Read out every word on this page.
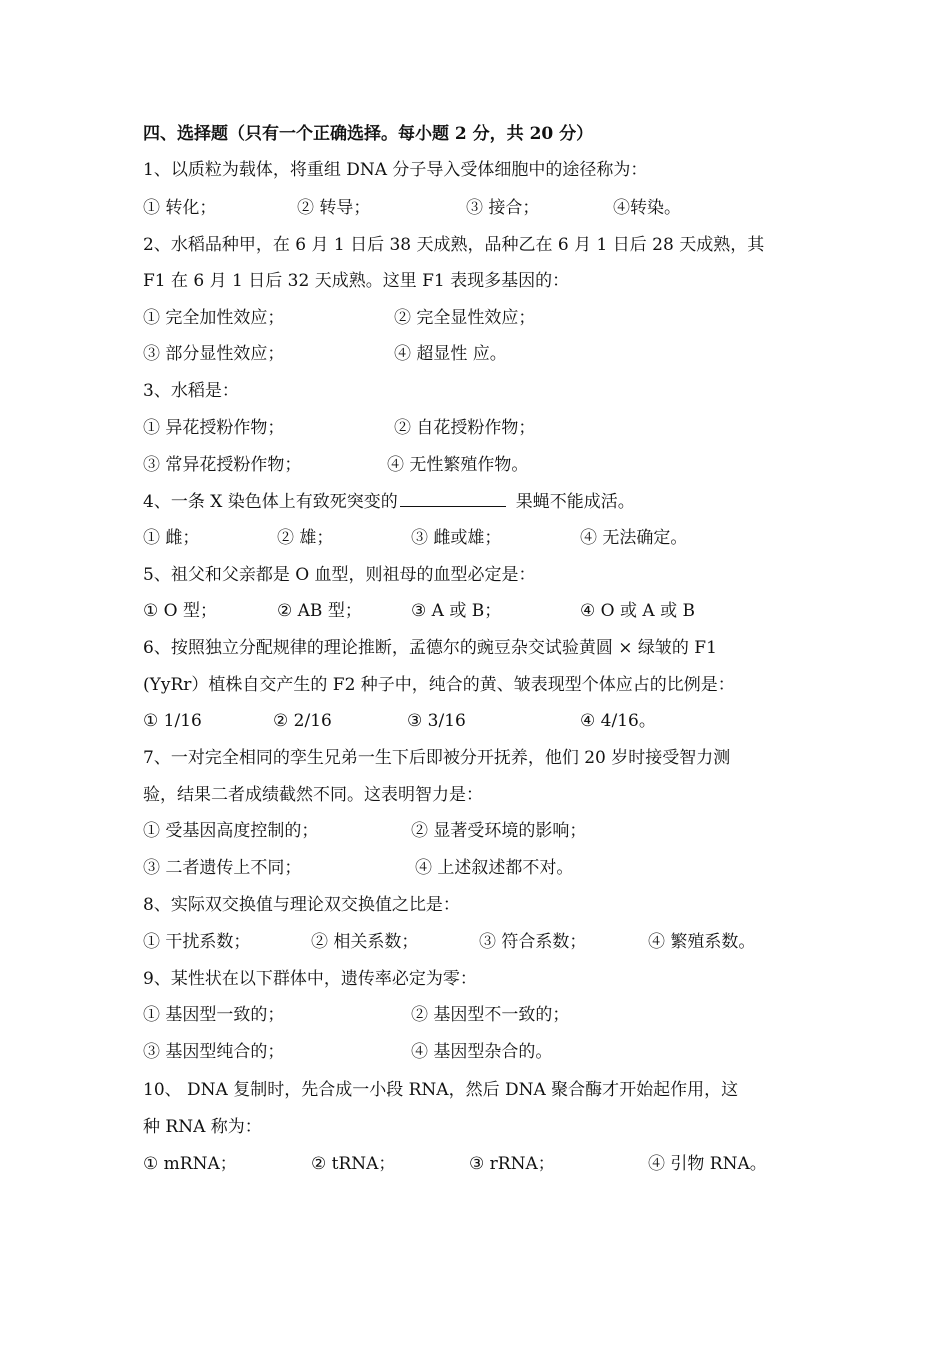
四、选择题（只有一个正确选择。每小题 2 分，共 20 分）
1、以质粒为载体，将重组 DNA 分子导入受体细胞中的途径称为：
① 转化；	② 转导；	③ 接合；	④转染。
2、水稻品种甲，在 6 月 1 日后 38 天成熟，品种乙在 6 月 1 日后 28 天成熟，其
F1 在 6 月 1 日后 32 天成熟。这里 F1 表现多基因的：
① 完全加性效应；	② 完全显性效应；
③ 部分显性效应；	④ 超显性 应。
3、水稻是：
① 异花授粉作物；	② 自花授粉作物；
③ 常异花授粉作物；	④ 无性繁殖作物。
4、一条 X 染色体上有致死突变的	果蝇不能成活。
① 雌；	② 雄；	③ 雌或雄；	④ 无法确定。
5、祖父和父亲都是 O 血型，则祖母的血型必定是：
① O 型；	② AB 型；	③ A 或 B；	④ O 或 A 或 B
6、按照独立分配规律的理论推断，孟德尔的豌豆杂交试验黄圆 × 绿皱的 F1
(YyRr）植株自交产生的 F2 种子中，纯合的黄、皱表现型个体应占的比例是：
① 1/16	② 2/16	③ 3/16	④ 4/16。
7、一对完全相同的孪生兄弟一生下后即被分开抚养，他们 20 岁时接受智力测
验，结果二者成绩截然不同。这表明智力是：
① 受基因高度控制的；	② 显著受环境的影响；
③ 二者遗传上不同；	④ 上述叙述都不对。
8、实际双交换值与理论双交换值之比是：
① 干扰系数；	② 相关系数；	③ 符合系数；	④ 繁殖系数。
9、某性状在以下群体中，遗传率必定为零：
① 基因型一致的；	② 基因型不一致的；
③ 基因型纯合的；	④ 基因型杂合的。
10、 DNA 复制时，先合成一小段 RNA，然后 DNA 聚合酶才开始起作用，这
种 RNA 称为：
① mRNA；	② tRNA；	③ rRNA；	④ 引物 RNA。
